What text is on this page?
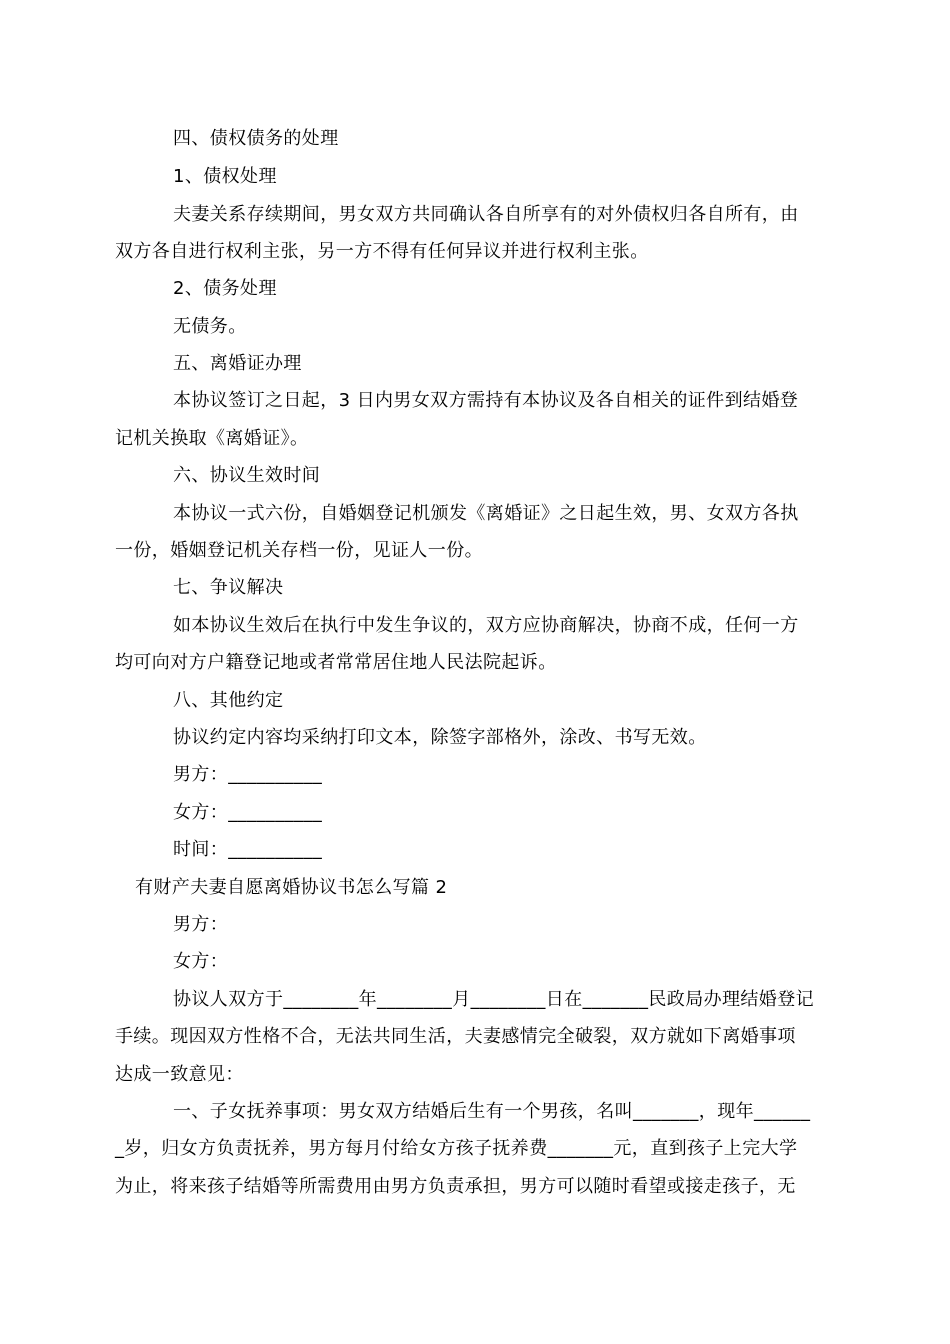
四、债权债务的处理
1、债权处理
夫妻关系存续期间，男女双方共同确认各自所享有的对外债权归各自所有，由
双方各自进行权利主张，另一方不得有任何异议并进行权利主张。
2、债务处理
无债务。
五、离婚证办理
本协议签订之日起，3 日内男女双方需持有本协议及各自相关的证件到结婚登
记机关换取《离婚证》。
六、协议生效时间
本协议一式六份，自婚姻登记机颁发《离婚证》之日起生效，男、女双方各执
一份，婚姻登记机关存档一份，见证人一份。
七、争议解决
如本协议生效后在执行中发生争议的，双方应协商解决，协商不成，任何一方
均可向对方户籍登记地或者常常居住地人民法院起诉。
八、其他约定
协议约定内容均采纳打印文本，除签字部格外，涂改、书写无效。
男方：__________
女方：__________
时间：__________
有财产夫妻自愿离婚协议书怎么写篇 2
男方：
女方：
协议人双方于________年________月________日在_______民政局办理结婚登记
手续。现因双方性格不合，无法共同生活，夫妻感情完全破裂，双方就如下离婚事项
达成一致意见：
一、子女抚养事项：男女双方结婚后生有一个男孩，名叫_______，现年______
_岁，归女方负责抚养，男方每月付给女方孩子抚养费_______元，直到孩子上完大学
为止，将来孩子结婚等所需费用由男方负责承担，男方可以随时看望或接走孩子，无
